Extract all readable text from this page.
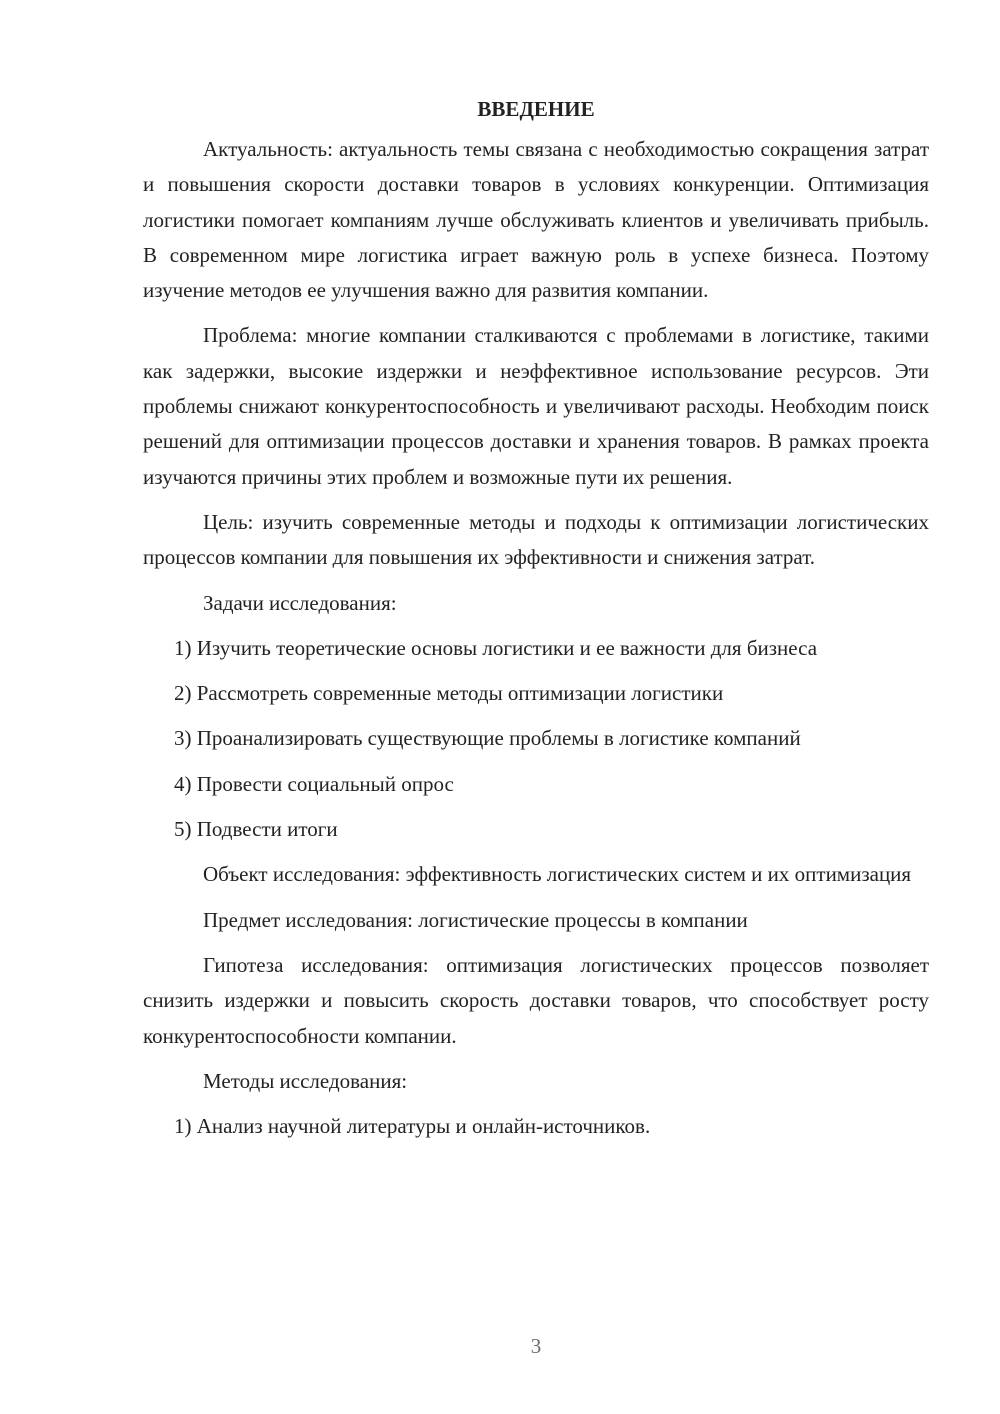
ВВЕДЕНИЕ

Актуальность: актуальность темы связана с необходимостью сокращения затрат и повышения скорости доставки товаров в условиях конкуренции. Оптимизация логистики помогает компаниям лучше обслуживать клиентов и увеличивать прибыль. В современном мире логистика играет важную роль в успехе бизнеса. Поэтому изучение методов ее улучшения важно для развития компании.

Проблема: многие компании сталкиваются с проблемами в логистике, такими как задержки, высокие издержки и неэффективное использование ресурсов. Эти проблемы снижают конкурентоспособность и увеличивают расходы. Необходим поиск решений для оптимизации процессов доставки и хранения товаров. В рамках проекта изучаются причины этих проблем и возможные пути их решения.

Цель: изучить современные методы и подходы к оптимизации логистических процессов компании для повышения их эффективности и снижения затрат.

Задачи исследования:

1) Изучить теоретические основы логистики и ее важности для бизнеса

2) Рассмотреть современные методы оптимизации логистики

3) Проанализировать существующие проблемы в логистике компаний

4) Провести социальный опрос

5) Подвести итоги

Объект исследования: эффективность логистических систем и их оптимизация

Предмет исследования: логистические процессы в компании

Гипотеза исследования: оптимизация логистических процессов позволяет снизить издержки и повысить скорость доставки товаров, что способствует росту конкурентоспособности компании.

Методы исследования:

1) Анализ научной литературы и онлайн-источников.

3
